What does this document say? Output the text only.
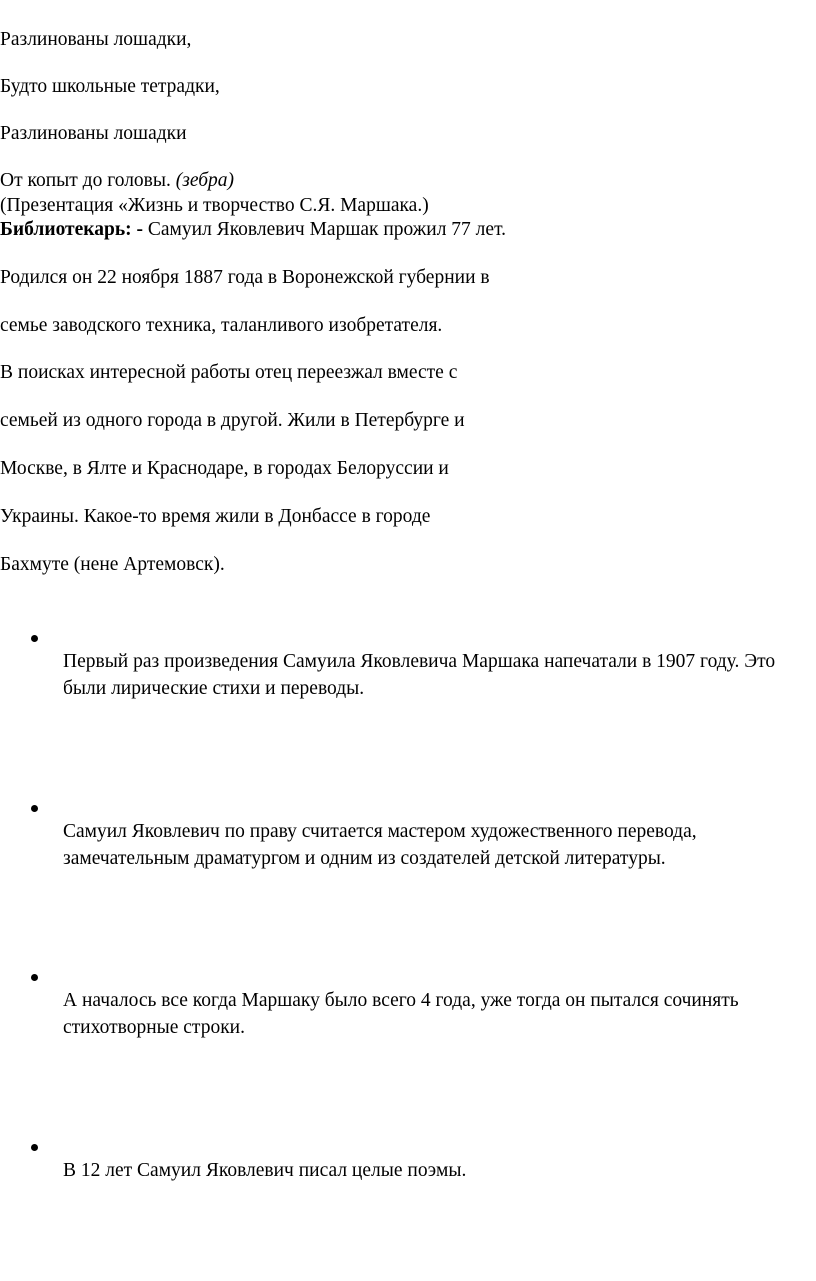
Разлинованы лошадки,
Будто школьные тетрадки,
Разлинованы лошадки
От копыт до головы. (зебра)
(Презентация «Жизнь и творчество С.Я. Маршака.)
Библиотекарь: - Самуил Яковлевич Маршак прожил 77 лет.
Родился он 22 ноября 1887 года в Воронежской губернии в
семье заводского техника, таланливого изобретателя.
В поисках интересной работы отец переезжал вместе с
семьей из одного города в другой. Жили в Петербурге и
Москве, в Ялте и Краснодаре, в городах Белоруссии и
Украины. Какое-то время жили в Донбассе в городе
Бахмуте (нене Артемовск).
Первый раз произведения Самуила Яковлевича Маршака напечатали в 1907 году. Это были лирические стихи и переводы.
Самуил Яковлевич по праву считается мастером художественного перевода, замечательным драматургом и одним из создателей детской литературы.
А началось все когда Маршаку было всего 4 года, уже тогда он пытался сочинять стихотворные строки.
В 12 лет Самуил Яковлевич писал целые поэмы.
